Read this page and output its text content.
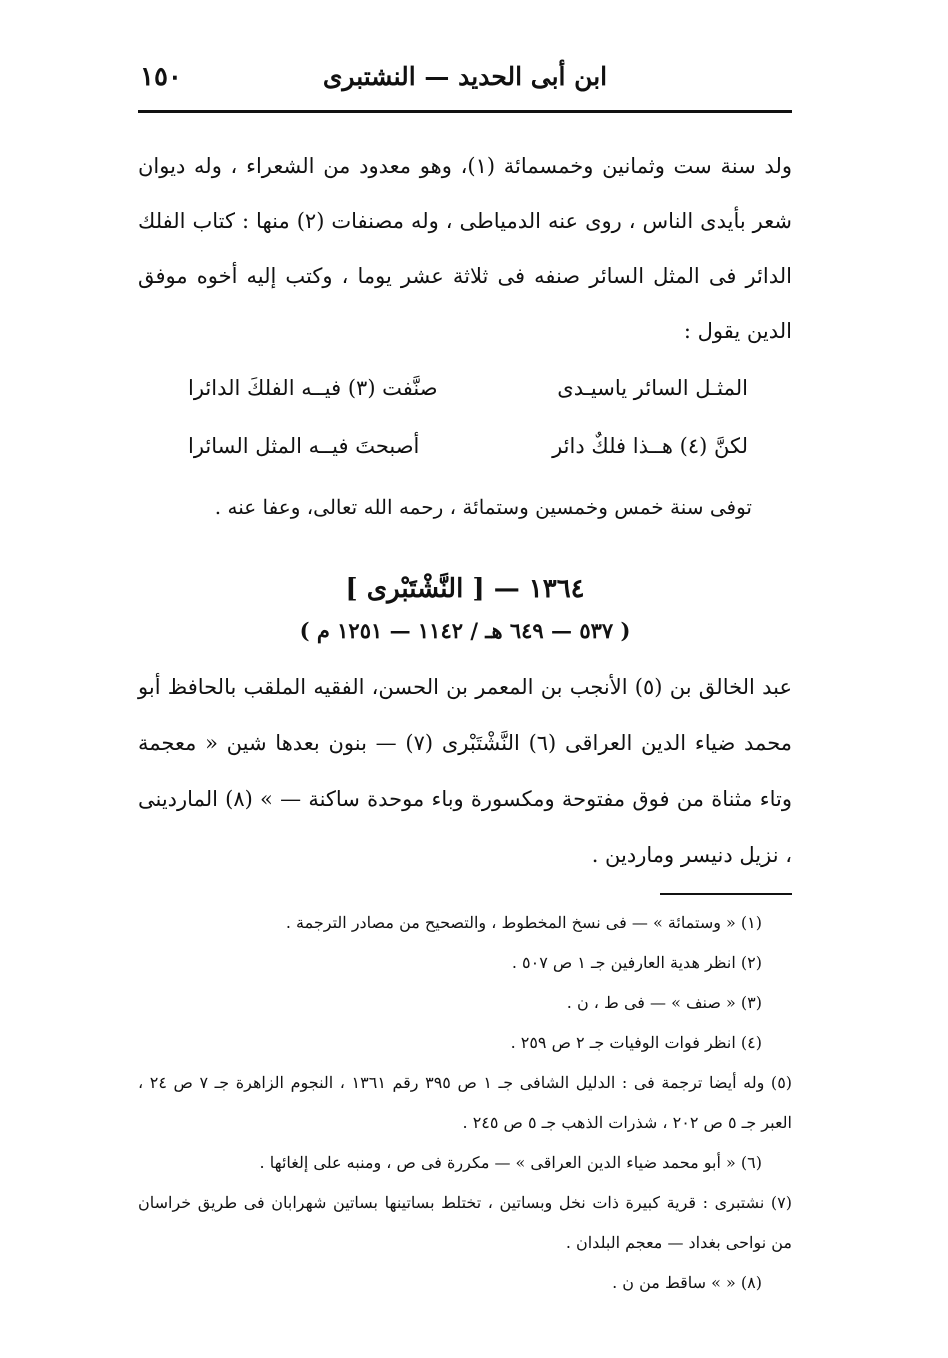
ابن أبى الحديد — النشتبرى
١٥٠

ولد سنة ست وثمانين وخمسمائة (١)، وهو معدود من الشعراء ، وله ديوان شعر بأيدى الناس ، روى عنه الدمياطى ، وله مصنفات (٢) منها : كتاب الفلك الدائر فى المثل السائر صنفه فى ثلاثة عشر يوما ، وكتب إليه أخوه موفق الدين يقول :

المثـل السائر ياسيـدى
صنَّفت (٣) فيــه الفلكَ الدائرا
لكنَّ (٤) هــذا فلكٌ دائر
أصبحتَ فيــه المثل السائرا
توفى سنة خمس وخمسين وستمائة ، رحمه الله تعالى، وعفا عنه .
١٣٦٤ — [ النَّشْتَبْرى ]
( ٥٣٧ — ٦٤٩ هـ / ١١٤٢ — ١٢٥١ م )

عبد الخالق بن (٥) الأنجب بن المعمر بن الحسن، الفقيه الملقب بالحافظ أبو محمد ضياء الدين العراقى (٦) النَّشْتَبْرى (٧) — بنون بعدها شين « معجمة وتاء مثناة من فوق مفتوحة ومكسورة وباء موحدة ساكنة — » (٨) الماردينى ، نزيل دنيسر وماردين .

(١) « وستمائة » — فى نسخ المخطوط ، والتصحيح من مصادر الترجمة .

(٢) انظر هدية العارفين جـ ١ ص ٥٠٧ .

(٣) « صنف » — فى ط ، ن .

(٤) انظر فوات الوفيات جـ ٢ ص ٢٥٩ .

(٥) وله أيضا ترجمة فى : الدليل الشافى جـ ١ ص ٣٩٥ رقم ١٣٦١ ، النجوم الزاهرة جـ ٧ ص ٢٤ ، العبر جـ ٥ ص ٢٠٢ ، شذرات الذهب جـ ٥ ص ٢٤٥ .

(٦) « أبو محمد ضياء الدين العراقى » — مكررة فى ص ، ومنبه على إلغائها .

(٧) نشتبرى : قرية كبيرة ذات نخل وبساتين ، تختلط بساتينها بساتين شهرابان فى طريق خراسان من نواحى بغداد — معجم البلدان .

(٨) « » ساقط من ن .
